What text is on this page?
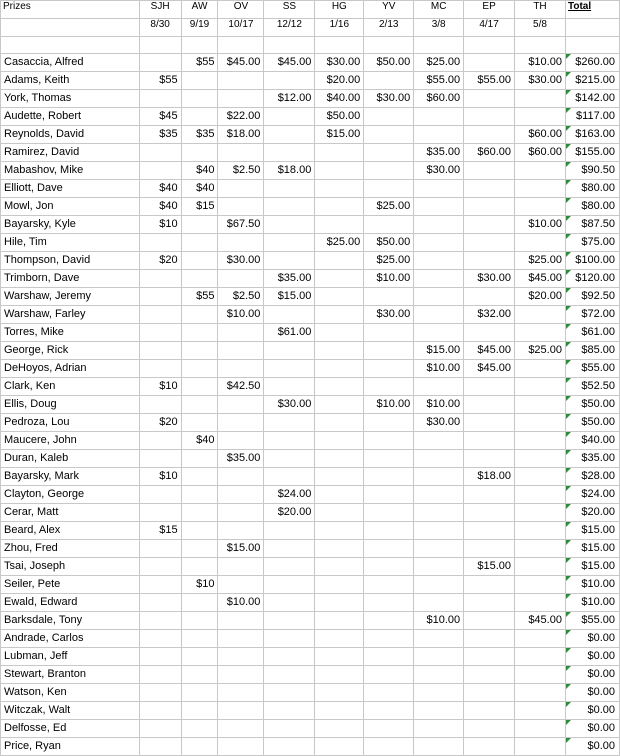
Prizes	SJH	AW	OV	SS	HG	YV	MC	EP	TH	Total
	8/30	9/19	10/17	12/12	1/16	2/13	3/8	4/17	5/8	

Casaccia, Alfred		$55	$45.00	$45.00	$30.00	$50.00	$25.00		$10.00	$260.00
Adams, Keith	$55				$20.00		$55.00	$55.00	$30.00	$215.00
York, Thomas				$12.00	$40.00	$30.00	$60.00			$142.00
Audette, Robert	$45		$22.00		$50.00					$117.00
Reynolds, David	$35	$35	$18.00		$15.00				$60.00	$163.00
Ramirez, David							$35.00	$60.00	$60.00	$155.00
Mabashov, Mike		$40	$2.50	$18.00			$30.00			$90.50
Elliott, Dave	$40	$40								$80.00
Mowl, Jon	$40	$15				$25.00				$80.00
Bayarsky, Kyle	$10		$67.50						$10.00	$87.50
Hile, Tim					$25.00	$50.00				$75.00
Thompson, David	$20		$30.00			$25.00			$25.00	$100.00
Trimborn, Dave				$35.00		$10.00		$30.00	$45.00	$120.00
Warshaw, Jeremy		$55	$2.50	$15.00					$20.00	$92.50
Warshaw, Farley			$10.00			$30.00		$32.00		$72.00
Torres, Mike				$61.00						$61.00
George, Rick							$15.00	$45.00	$25.00	$85.00
DeHoyos, Adrian							$10.00	$45.00		$55.00
Clark, Ken	$10		$42.50							$52.50
Ellis, Doug				$30.00		$10.00	$10.00			$50.00
Pedroza, Lou	$20						$30.00			$50.00
Maucere, John		$40								$40.00
Duran, Kaleb			$35.00							$35.00
Bayarsky, Mark	$10							$18.00		$28.00
Clayton, George				$24.00						$24.00
Cerar, Matt				$20.00						$20.00
Beard, Alex	$15									$15.00
Zhou, Fred			$15.00							$15.00
Tsai, Joseph								$15.00		$15.00
Seiler, Pete		$10								$10.00
Ewald, Edward			$10.00							$10.00
Barksdale, Tony							$10.00		$45.00	$55.00
Andrade, Carlos										$0.00
Lubman, Jeff										$0.00
Stewart, Branton										$0.00
Watson, Ken										$0.00
Witczak, Walt										$0.00
Delfosse, Ed										$0.00
Price, Ryan										$0.00
